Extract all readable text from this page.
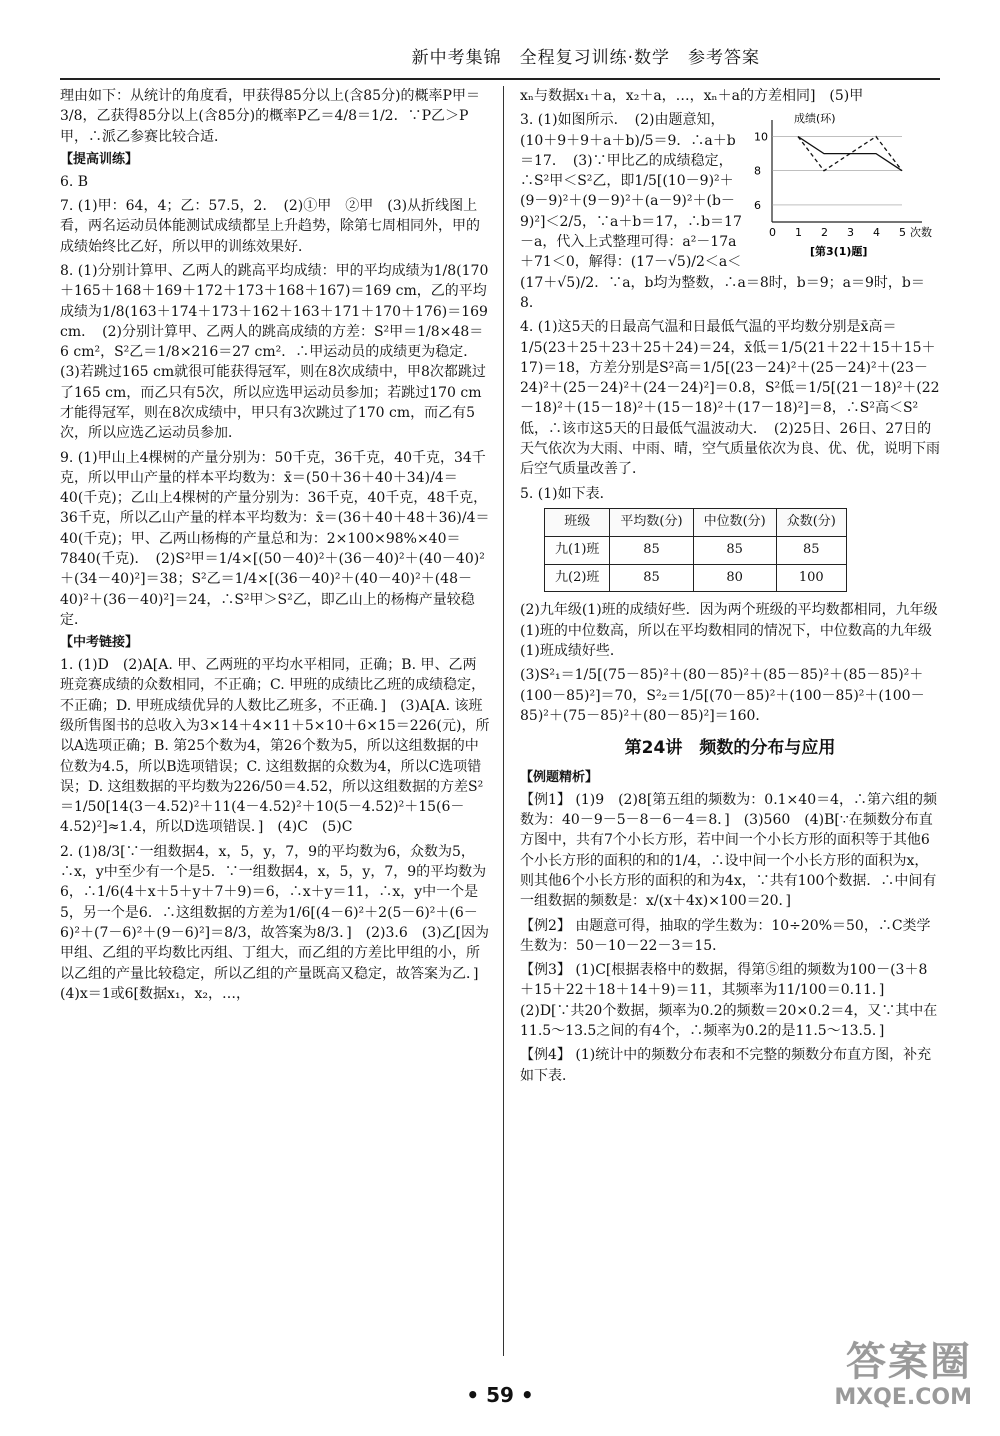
新中考集锦　全程复习训练·数学　参考答案

理由如下：从统计的角度看，甲获得85分以上(含85分)的概率P甲＝3/8，乙获得85分以上(含85分)的概率P乙＝4/8＝1/2．∵P乙＞P甲，∴派乙参赛比较合适．

【提高训练】

6. B

7. (1)甲：64，4；乙：57.5，2．　(2)①甲　②甲　(3)从折线图上看，两名运动员体能测试成绩都呈上升趋势，除第七周相同外，甲的成绩始终比乙好，所以甲的训练效果好．

8. (1)分别计算甲、乙两人的跳高平均成绩：甲的平均成绩为1/8(170＋165＋168＋169＋172＋173＋168＋167)＝169 cm，乙的平均成绩为1/8(163＋174＋173＋162＋163＋171＋170＋176)＝169 cm．　(2)分别计算甲、乙两人的跳高成绩的方差：S²甲＝1/8×48＝6 cm²，S²乙＝1/8×216＝27 cm²．∴甲运动员的成绩更为稳定．　(3)若跳过165 cm就很可能获得冠军，则在8次成绩中，甲8次都跳过了165 cm，而乙只有5次，所以应选甲运动员参加；若跳过170 cm才能得冠军，则在8次成绩中，甲只有3次跳过了170 cm，而乙有5次，所以应选乙运动员参加．

9. (1)甲山上4棵树的产量分别为：50千克，36千克，40千克，34千克，所以甲山产量的样本平均数为：x̄＝(50＋36＋40＋34)/4＝40(千克)；乙山上4棵树的产量分别为：36千克，40千克，48千克，36千克，所以乙山产量的样本平均数为：x̄＝(36＋40＋48＋36)/4＝40(千克)；甲、乙两山杨梅的产量总和为：2×100×98%×40＝7840(千克)．　(2)S²甲＝1/4×[(50－40)²＋(36－40)²＋(40－40)²＋(34－40)²]＝38；S²乙＝1/4×[(36－40)²＋(40－40)²＋(48－40)²＋(36－40)²]＝24，∴S²甲＞S²乙，即乙山上的杨梅产量较稳定．

【中考链接】

1. (1)D　(2)A[A. 甲、乙两班的平均水平相同，正确；B. 甲、乙两班竞赛成绩的众数相同，不正确；C. 甲班的成绩比乙班的成绩稳定，不正确；D. 甲班成绩优异的人数比乙班多，不正确．]　(3)A[A. 该班级所售图书的总收入为3×14＋4×11＋5×10＋6×15＝226(元)，所以A选项正确；B. 第25个数为4，第26个数为5，所以这组数据的中位数为4.5，所以B选项错误；C. 这组数据的众数为4，所以C选项错误；D. 这组数据的平均数为226/50＝4.52，所以这组数据的方差S²＝1/50[14(3－4.52)²＋11(4－4.52)²＋10(5－4.52)²＋15(6－4.52)²]≈1.4，所以D选项错误．]　(4)C　(5)C

2. (1)8/3[∵一组数据4，x，5，y，7，9的平均数为6，众数为5，∴x，y中至少有一个是5．∵一组数据4，x，5，y，7，9的平均数为6，∴1/6(4＋x＋5＋y＋7＋9)＝6，∴x＋y＝11，∴x，y中一个是5，另一个是6．∴这组数据的方差为1/6[(4－6)²＋2(5－6)²＋(6－6)²＋(7－6)²＋(9－6)²]＝8/3，故答案为8/3．]　(2)3.6　(3)乙[因为甲组、乙组的平均数比丙组、丁组大，而乙组的方差比甲组的小，所以乙组的产量比较稳定，所以乙组的产量既高又稳定，故答案为乙．]　(4)x＝1或6[数据x₁，x₂，…，

xₙ与数据x₁＋a，x₂＋a，…，xₙ＋a的方差相同]　(5)甲

成绩(环)
次数
[第3(1)题]
0 1 2 3 4 5
6
8
10

3. (1)如图所示．　(2)由题意知，(10＋9＋9＋a＋b)/5＝9．∴a＋b＝17．　(3)∵甲比乙的成绩稳定，∴S²甲＜S²乙，即1/5[(10－9)²＋(9－9)²＋(9－9)²＋(a－9)²＋(b－9)²]＜2/5，∵a＋b＝17，∴b＝17－a，代入上式整理可得：a²－17a＋71＜0，解得：(17－√5)/2＜a＜(17＋√5)/2．∵a，b均为整数，∴a＝8时，b＝9；a＝9时，b＝8．

4. (1)这5天的日最高气温和日最低气温的平均数分别是x̄高＝1/5(23＋25＋23＋25＋24)＝24，x̄低＝1/5(21＋22＋15＋15＋17)＝18，方差分别是S²高＝1/5[(23－24)²＋(25－24)²＋(23－24)²＋(25－24)²＋(24－24)²]＝0.8，S²低＝1/5[(21－18)²＋(22－18)²＋(15－18)²＋(15－18)²＋(17－18)²]＝8，∴S²高＜S²低，∴该市这5天的日最低气温波动大．　(2)25日、26日、27日的天气依次为大雨、中雨、晴，空气质量依次为良、优、优，说明下雨后空气质量改善了．

5. (1)如下表．

班级	平均数(分)	中位数(分)	众数(分)
九(1)班	85	85	85
九(2)班	85	80	100

(2)九年级(1)班的成绩好些．因为两个班级的平均数都相同，九年级(1)班的中位数高，所以在平均数相同的情况下，中位数高的九年级(1)班成绩好些．

(3)S²₁＝1/5[(75－85)²＋(80－85)²＋(85－85)²＋(85－85)²＋(100－85)²]＝70，S²₂＝1/5[(70－85)²＋(100－85)²＋(100－85)²＋(75－85)²＋(80－85)²]＝160．

第24讲　频数的分布与应用
【例题精析】

【例1】 (1)9　(2)8[第五组的频数为：0.1×40＝4，∴第六组的频数为：40－9－5－8－6－4＝8．]　(3)560　(4)B[∵在频数分布直方图中，共有7个小长方形，若中间一个小长方形的面积等于其他6个小长方形的面积的和的1/4，∴设中间一个小长方形的面积为x，则其他6个小长方形的面积的和为4x，∵共有100个数据．∴中间有一组数据的频数是：x/(x＋4x)×100＝20．]

【例2】 由题意可得，抽取的学生数为：10÷20%＝50，∴C类学生数为：50－10－22－3＝15．

【例3】 (1)C[根据表格中的数据，得第⑤组的频数为100－(3＋8＋15＋22＋18＋14＋9)＝11，其频率为11/100＝0.11．]　(2)D[∵共20个数据，频率为0.2的频数＝20×0.2＝4，又∵其中在11.5～13.5之间的有4个，∴频率为0.2的是11.5～13.5．]

【例4】 (1)统计中的频数分布表和不完整的频数分布直方图，补充如下表．

• 59 •
答案圈
MXQE.COM
